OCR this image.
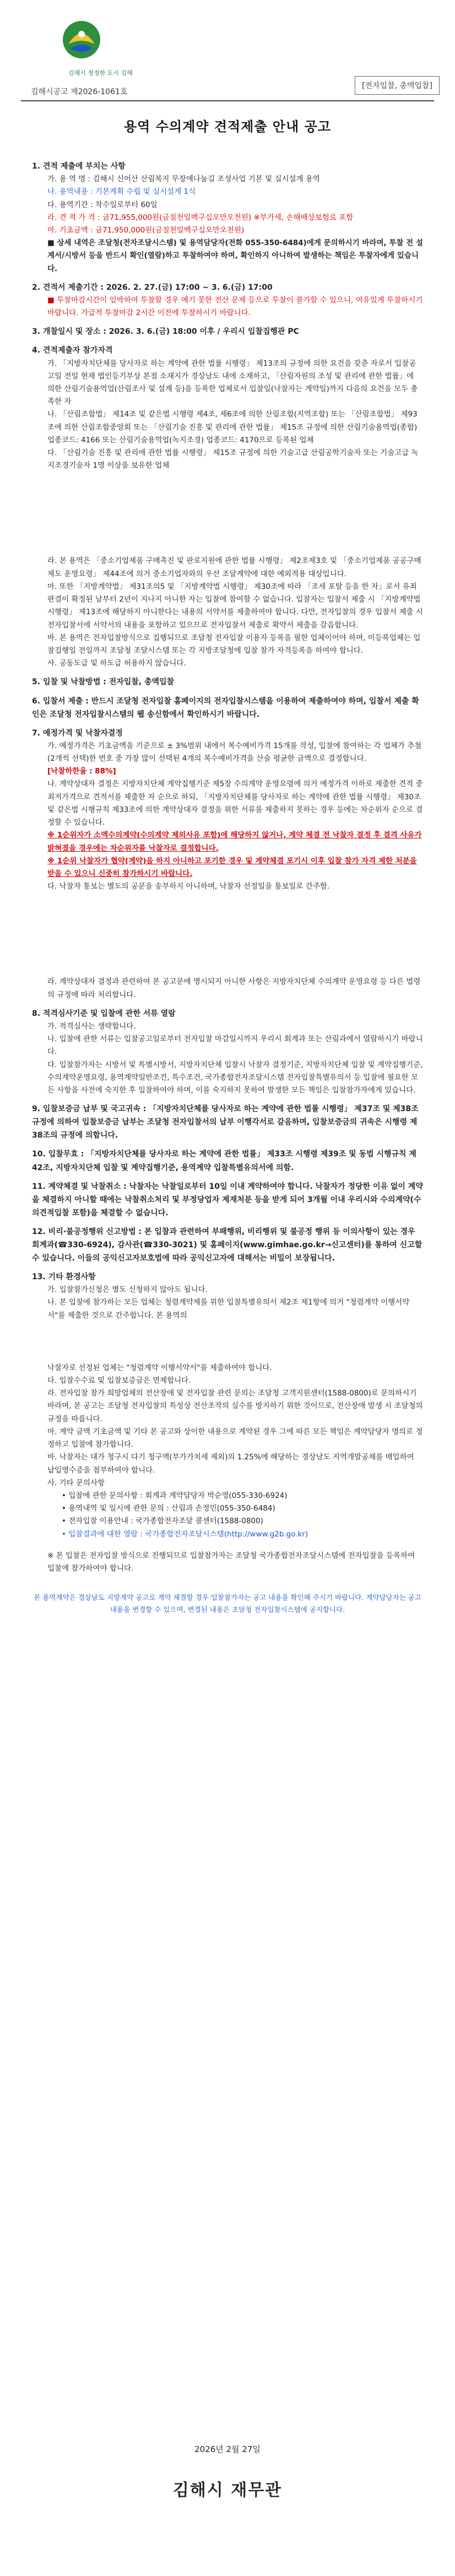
김해시 청정한 도시 김해
김해시공고 제2026-1061호
[전자입찰, 총액입찰]
용역 수의계약 견적제출 안내 공고
1. 견적 제출에 부치는 사항
가. 용 역 명 : 김해시 신어산 산림복지 무장애나눔길 조성사업 기본 및 실시설계 용역
나. 용역내용 : 기본계획 수립 및 실시설계 1식
다. 용역기간 : 착수일로부터 60일
라. 견 적 가 격 : 금71,955,000원(금칠천일백구십오만오천원) ※부가세, 손해배상보험료 포함
마. 기초금액 : 금71,950,000원(금칠천일백구십오만오천원)
■ 상세 내역은 조달청(전자조달시스템) 및 용역담당자(전화 055-350-6484)에게 문의하시기 바라며, 투찰 전 설계서/시방서 등을 반드시 확인(열람)하고 투찰하여야 하며, 확인하지 아니하여 발생하는 책임은 투찰자에게 있습니다.
2. 견적서 제출기간 : 2026. 2. 27.(금) 17:00 ~ 3. 6.(금) 17:00
■ 투찰마감시간이 임박하여 투찰할 경우 예기 못한 전산 문제 등으로 투찰이 불가할 수 있으니, 여유있게 투찰하시기 바랍니다. 가급적 투찰마감 2시간 이전에 투찰하시기 바랍니다.
3. 개찰일시 및 장소 : 2026. 3. 6.(금) 18:00 이후 / 우리시 입찰집행관 PC
4. 견적제출자 참가자격
가. 「지방자치단체를 당사자로 하는 계약에 관한 법률 시행령」 제13조의 규정에 의한 요건을 갖춘 자로서 입찰공고일 전일 현재 법인등기부상 본점 소재지가 경상남도 내에 소재하고, 「산림자원의 조성 및 관리에 관한 법률」에 의한 산림기술용역업(산림조사 및 설계 등)을 등록한 업체로서 입찰일(낙찰자는 계약일)까지 다음의 요건을 모두 충족한 자
나. 「산림조합법」 제14조 및 같은법 시행령 제4조, 제6조에 의한 산림조합(지역조합) 또는 「산림조합법」 제93조에 의한 산림조합중앙회 또는 「산림기술 진흥 및 관리에 관한 법률」 제15조 규정에 의한 산림기술용역업(종합) 업종코드: 4166 또는 산림기술용역업(녹지조경) 업종코드: 4170으로 등록된 업체
다. 「산림기술 진흥 및 관리에 관한 법률 시행령」 제15조 규정에 의한 기술고급 산림공학기술자 또는 기술고급 녹지조경기술자 1명 이상을 보유한 업체
라. 본 용역은 「중소기업제품 구매촉진 및 판로지원에 관한 법률 시행령」 제2조제3호 및 「중소기업제품 공공구매제도 운영요령」 제44조에 의거 중소기업자와의 우선 조달계약에 대한 예외적용 대상입니다.
마. 또한 「지방계약법」 제31조의5 및 「지방계약법 시행령」 제30조에 따라 「조세 포탈 등을 한 자」로서 유죄판결이 확정된 날부터 2년이 지나지 아니한 자는 입찰에 참여할 수 없습니다. 입찰자는 입찰서 제출 시 「지방계약법 시행령」 제13조에 해당하지 아니한다는 내용의 서약서를 제출하여야 합니다. 다만, 전자입찰의 경우 입찰서 제출 시 전자입찰서에 서약서의 내용을 포함하고 있으므로 전자입찰서 제출로 확약서 제출을 갈음합니다.
바. 본 용역은 전자입찰방식으로 집행되므로 조달청 전자입찰 이용자 등록을 필한 업체이어야 하며, 미등록업체는 입찰집행일 전일까지 조달청 조달시스템 또는 각 지방조달청에 입찰 참가 자격등록을 하여야 합니다.
사. 공동도급 및 하도급 허용하지 않습니다.
5. 입찰 및 낙찰방법 : 전자입찰, 총액입찰
6. 입찰서 제출 : 반드시 조달청 전자입찰 홈페이지의 전자입찰시스템을 이용하여 제출하여야 하며, 입찰서 제출 확인은 조달청 전자입찰시스템의 웹 송신함에서 확인하시기 바랍니다.
7. 예정가격 및 낙찰자결정
가. 예정가격은 기초금액을 기준으로 ± 3%범위 내에서 복수예비가격 15개를 작성, 입찰에 참여하는 각 업체가 추첨(2개씩 선택)한 번호 중 가장 많이 선택된 4개의 복수예비가격을 산술 평균한 금액으로 결정합니다.
[낙찰하한율 : 88%]
나. 계약상대자 결정은 지방자치단체 계약집행기준 제5장 수의계약 운영요령에 의거 예정가격 이하로 제출한 견적 중 최저가격으로 견적서를 제출한 자 순으로 하되, 「지방자치단체를 당사자로 하는 계약에 관한 법률 시행령」 제30조 및 같은법 시행규칙 제33조에 의한 계약상대자 결정을 위한 서류를 제출하지 못하는 경우 등에는 차순위자 순으로 결정할 수 있습니다.
※ 1순위자가 소액수의계약(수의계약 제외사유 포함)에 해당하지 않거나, 계약 체결 전 낙찰자 결정 후 결격 사유가 밝혀졌을 경우에는 차순위자를 낙찰자로 결정합니다.
※ 1순위 낙찰자가 협약(계약)을 하지 아니하고 포기한 경우 및 계약체결 포기시 이후 입찰 참가 자격 제한 처분을 받을 수 있으니 신중히 참가하시기 바랍니다.
다. 낙찰자 통보는 별도의 공문을 송부하지 아니하며, 낙찰자 선정일을 통보일로 간주함.
라. 계약상대자 결정과 관련하여 본 공고문에 명시되지 아니한 사항은 지방자치단체 수의계약 운영요령 등 다른 법령의 규정에 따라 처리합니다.
8. 적격심사기준 및 입찰에 관한 서류 열람
가. 적격심사는 생략합니다.
나. 입찰에 관한 서류는 입찰공고일로부터 전자입찰 마감일시까지 우리시 회계과 또는 산림과에서 열람하시기 바랍니다.
다. 입찰참가자는 시방서 및 특별시방서, 지방자치단체 입찰시 낙찰자 결정기준, 지방자치단체 입찰 및 계약집행기준, 수의계약운영요령, 용역계약일반조건, 특수조건, 국가종합전자조달시스템 전자입찰특별유의서 등 입찰에 필요한 모든 사항을 사전에 숙지한 후 입찰하여야 하며, 이를 숙지하지 못하여 발생한 모든 책임은 입찰참가자에게 있습니다.
9. 입찰보증금 납부 및 국고귀속 : 「지방자치단체를 당사자로 하는 계약에 관한 법률 시행령」 제37조 및 제38조 규정에 의하여 입찰보증금 납부는 조달청 전자입찰서의 납부 이행각서로 갈음하며, 입찰보증금의 귀속은 시행령 제38조의 규정에 의합니다.
10. 입찰무효 : 「지방자치단체를 당사자로 하는 계약에 관한 법률」 제33조 시행령 제39조 및 동법 시행규칙 제42조, 지방자치단체 입찰 및 계약집행기준, 용역계약 입찰특별유의서에 의함.
11. 계약체결 및 낙찰취소 : 낙찰자는 낙찰일로부터 10일 이내 계약하여야 합니다. 낙찰자가 정당한 이유 없이 계약을 체결하지 아니할 때에는 낙찰취소처리 및 부정당업자 제재처분 등을 받게 되어 3개월 이내 우리시와 수의계약(수의견적입찰 포함)을 체결할 수 없습니다.
12. 비리·불공정행위 신고방법 : 본 입찰과 관련하여 부패행위, 비리행위 및 불공정 행위 등 이의사항이 있는 경우 회계과(☎330-6924), 감사관(☎330-3021) 및 홈페이지(www.gimhae.go.kr→신고센터)를 통하여 신고할 수 있습니다. 이들의 공익신고자보호법에 따라 공익신고자에 대해서는 비밀이 보장됩니다.
13. 기타 환경사항
가. 입찰참가신청은 별도 신청하지 않아도 됩니다.
나. 본 입찰에 참가하는 모든 업체는 청렴계약제를 위한 입찰특별유의서 제2조 제1항에 의거 "청렴계약 이행서약서"를 제출한 것으로 간주합니다. 본 용역의
낙찰자로 선정된 업체는 "청렴계약 이행서약서"를 제출하여야 합니다.
다. 입찰수수료 및 입찰보증금은 면제합니다.
라. 전자입찰 참가 희망업체의 전산장애 및 전자입찰 관련 문의는 조달청 고객지원센터(1588-0800)로 문의하시기 바라며, 본 공고는 조달청 전자입찰의 특성상 전산조작의 실수를 방지하기 위한 것이므로, 전산장애 발생 시 조달청의 규정을 따릅니다.
마. 계약 금액 기초금액 및 기타 본 공고와 상이한 내용으로 계약된 경우 그에 따른 모든 책임은 계약담당자 명의로 정정하고 입찰에 참가합니다.
바. 낙찰자는 대가 청구시 다기 청구액(부가가치세 제외)의 1.25%에 해당하는 경상남도 지역개발공채를 매입하여 납입영수증을 첨부하여야 합니다.
사. 기타 문의사항
• 입찰에 관한 문의사항 : 회계과 계약담당자 박순영(055-330-6924)
• 용역내역 및 일시에 관한 문의 : 산림과 손정민(055-350-6484)
• 전자입찰 이용안내 : 국가종합전자조달 콜센터(1588-0800)
• 입찰결과에 대한 열람 : 국가종합전자조달시스템(http://www.g2b.go.kr)
※ 본 입찰은 전자입찰 방식으로 진행되므로 입찰참가자는 조달청 국가종합전자조달시스템에 전자입찰을 등록하여 입찰에 참가하여야 합니다.
본 용역계약은 경상남도 지방계약 공고로 계약 체결할 경우 입찰참가자는 공고 내용을 확인해 주시기 바랍니다. 계약담당자는 공고 내용을 변경할 수 있으며, 변경된 내용은 조달청 전자입찰시스템에 공지합니다.
2026년 2월 27일
김해시 재무관
